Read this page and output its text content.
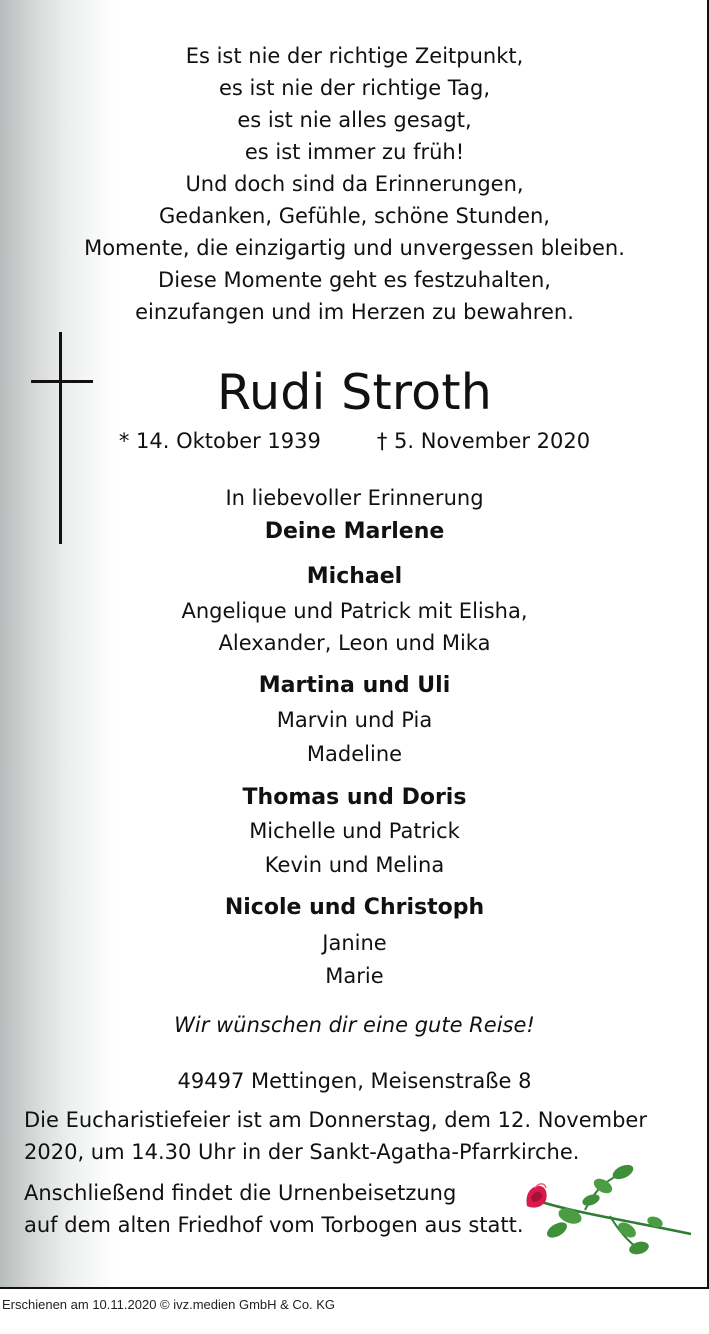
Es ist nie der richtige Zeitpunkt,
es ist nie der richtige Tag,
es ist nie alles gesagt,
es ist immer zu früh!
Und doch sind da Erinnerungen,
Gedanken, Gefühle, schöne Stunden,
Momente, die einzigartig und unvergessen bleiben.
Diese Momente geht es festzuhalten,
einzufangen und im Herzen zu bewahren.
Rudi Stroth
* 14. Oktober 1939	† 5. November 2020
In liebevoller Erinnerung
Deine Marlene
Michael
Angelique und Patrick mit Elisha,
Alexander, Leon und Mika
Martina und Uli
Marvin und Pia
Madeline
Thomas und Doris
Michelle und Patrick
Kevin und Melina
Nicole und Christoph
Janine
Marie
Wir wünschen dir eine gute Reise!
49497 Mettingen, Meisenstraße 8
Die Eucharistiefeier ist am Donnerstag, dem 12. November
2020, um 14.30 Uhr in der Sankt-Agatha-Pfarrkirche.
Anschließend findet die Urnenbeisetzung
auf dem alten Friedhof vom Torbogen aus statt.
Erschienen am 10.11.2020 © ivz.medien GmbH & Co. KG
